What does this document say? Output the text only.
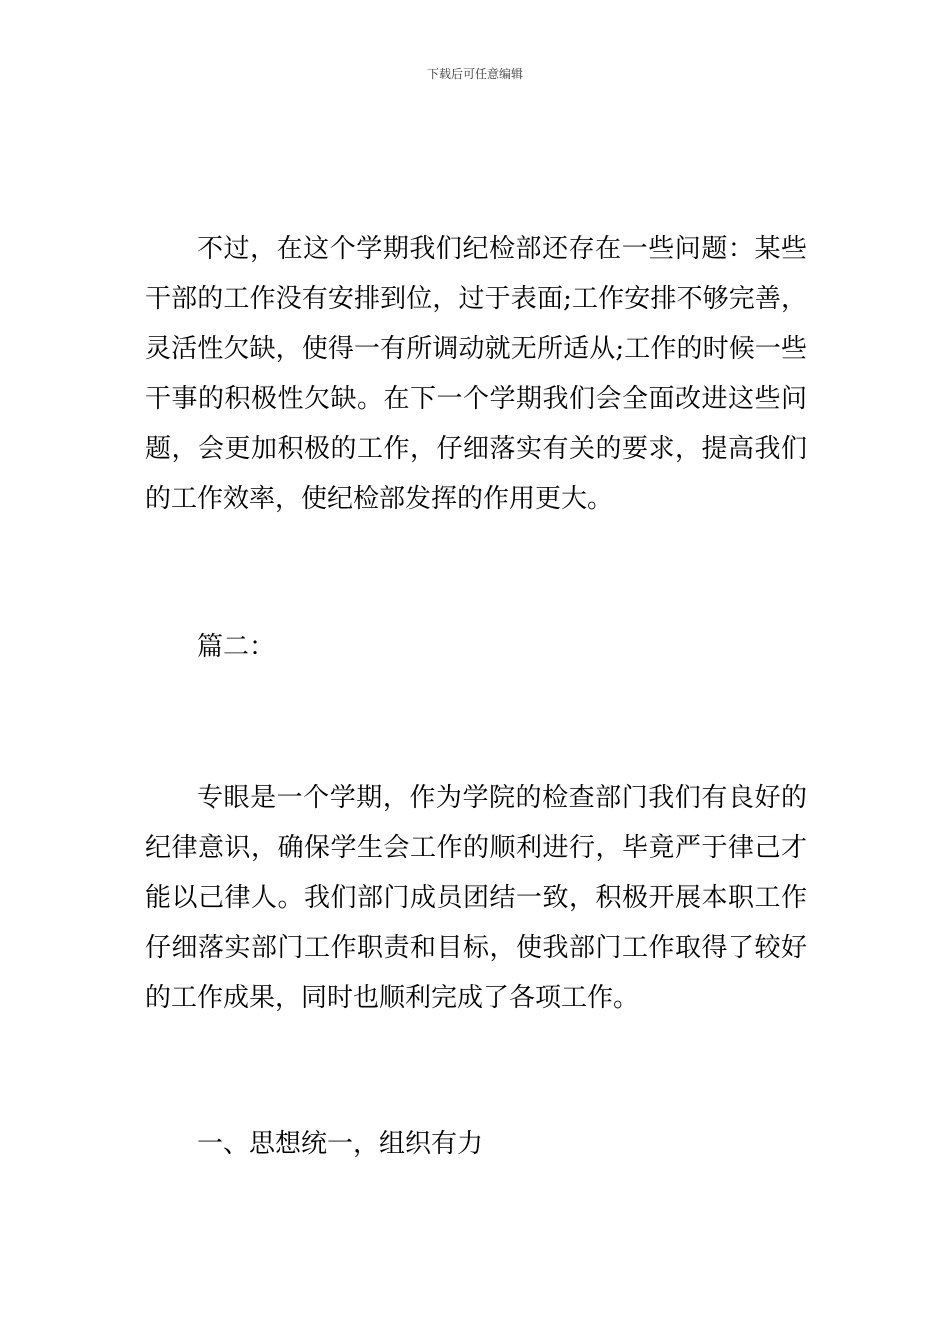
下载后可任意编辑

不过，在这个学期我们纪检部还存在一些问题：某些干部的工作没有安排到位，过于表面;工作安排不够完善，灵活性欠缺，使得一有所调动就无所适从;工作的时候一些干事的积极性欠缺。在下一个学期我们会全面改进这些问题，会更加积极的工作，仔细落实有关的要求，提高我们的工作效率，使纪检部发挥的作用更大。

篇二：

专眼是一个学期，作为学院的检查部门我们有良好的纪律意识，确保学生会工作的顺利进行，毕竟严于律己才能以己律人。我们部门成员团结一致，积极开展本职工作仔细落实部门工作职责和目标，使我部门工作取得了较好的工作成果，同时也顺利完成了各项工作。

一、思想统一，组织有力
